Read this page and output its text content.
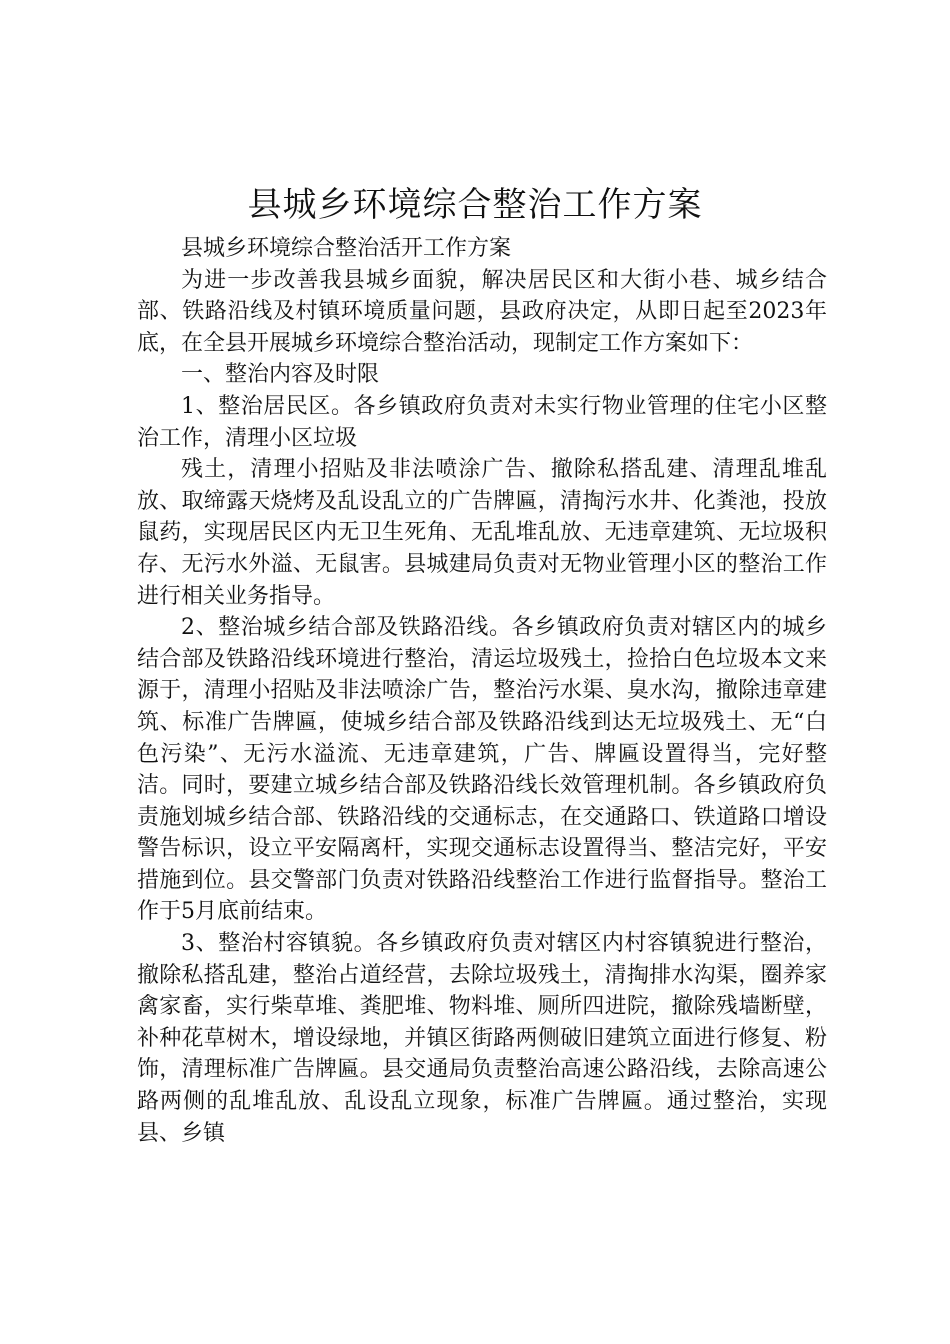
县城乡环境综合整治工作方案

县城乡环境综合整治活开工作方案

为进一步改善我县城乡面貌，解决居民区和大街小巷、城乡结合部、铁路沿线及村镇环境质量问题，县政府决定，从即日起至2023年底，在全县开展城乡环境综合整治活动，现制定工作方案如下：

一、整治内容及时限

1、整治居民区。各乡镇政府负责对未实行物业管理的住宅小区整治工作，清理小区垃圾

残土，清理小招贴及非法喷涂广告、撤除私搭乱建、清理乱堆乱放、取缔露天烧烤及乱设乱立的广告牌匾，清掏污水井、化粪池，投放鼠药，实现居民区内无卫生死角、无乱堆乱放、无违章建筑、无垃圾积存、无污水外溢、无鼠害。县城建局负责对无物业管理小区的整治工作进行相关业务指导。

2、整治城乡结合部及铁路沿线。各乡镇政府负责对辖区内的城乡结合部及铁路沿线环境进行整治，清运垃圾残土，捡拾白色垃圾本文来源于，清理小招贴及非法喷涂广告，整治污水渠、臭水沟，撤除违章建筑、标准广告牌匾，使城乡结合部及铁路沿线到达无垃圾残土、无“白色污染”、无污水溢流、无违章建筑，广告、牌匾设置得当，完好整洁。同时，要建立城乡结合部及铁路沿线长效管理机制。各乡镇政府负责施划城乡结合部、铁路沿线的交通标志，在交通路口、铁道路口增设警告标识，设立平安隔离杆，实现交通标志设置得当、整洁完好，平安措施到位。县交警部门负责对铁路沿线整治工作进行监督指导。整治工作于5月底前结束。

3、整治村容镇貌。各乡镇政府负责对辖区内村容镇貌进行整治，撤除私搭乱建，整治占道经营，去除垃圾残土，清掏排水沟渠，圈养家禽家畜，实行柴草堆、粪肥堆、物料堆、厕所四进院，撤除残墙断壁，补种花草树木，增设绿地，并镇区街路两侧破旧建筑立面进行修复、粉饰，清理标准广告牌匾。县交通局负责整治高速公路沿线，去除高速公路两侧的乱堆乱放、乱设乱立现象，标准广告牌匾。通过整治，实现县、乡镇
